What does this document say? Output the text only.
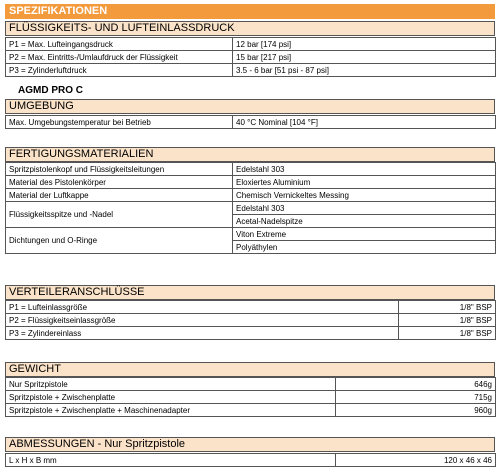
SPEZIFIKATIONEN
FLÜSSIGKEITS- UND LUFTEINLASSDRUCK
P1 = Max. Lufteingangsdruck	12 bar [174 psi]
P2 = Max. Eintritts-/Umlaufdruck der Flüssigkeit	15 bar [217 psi]
P3 = Zylinderluftdruck	3.5 - 6 bar [51 psi - 87 psi]
AGMD PRO C
UMGEBUNG
Max. Umgebungstemperatur bei Betrieb	40 °C Nominal [104 °F]
FERTIGUNGSMATERIALIEN
Spritzpistolenkopf und Flüssigkeitsleitungen	Edelstahl 303
Material des Pistolenkörper	Eloxiertes Aluminium
Material der Luftkappe	Chemisch Vernickeltes Messing
Flüssigkeitsspitze und -Nadel	Edelstahl 303
	Acetal-Nadelspitze
Dichtungen und O-Ringe	Viton Extreme
	Polyäthylen
VERTEILERANSCHLÜSSE
P1 = Lufteinlassgröße	1/8" BSP
P2 = Flüssigkeitseinlassgröße	1/8" BSP
P3 = Zylindereinlass	1/8" BSP
GEWICHT
Nur Spritzpistole	646g
Spritzpistole + Zwischenplatte	715g
Spritzpistole + Zwischenplatte + Maschinenadapter	960g
ABMESSUNGEN - Nur Spritzpistole
L x H x B mm	120 x 46 x 46
